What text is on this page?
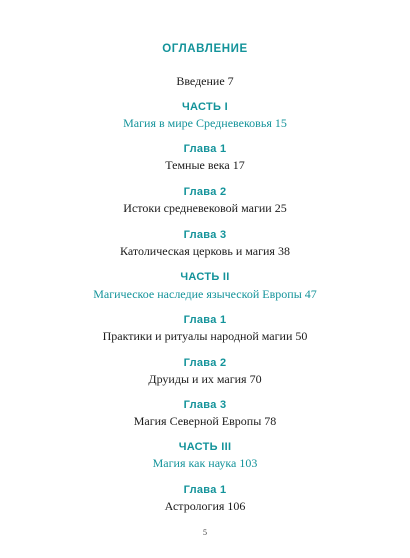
ОГЛАВЛЕНИЕ
Введение 7
ЧАСТЬ I
Магия в мире Средневековья 15
Глава 1
Темные века 17
Глава 2
Истоки средневековой магии 25
Глава 3
Католическая церковь и магия 38
ЧАСТЬ II
Магическое наследие языческой Европы 47
Глава 1
Практики и ритуалы народной магии 50
Глава 2
Друиды и их магия 70
Глава 3
Магия Северной Европы 78
ЧАСТЬ III
Магия как наука 103
Глава 1
Астрология 106
5
